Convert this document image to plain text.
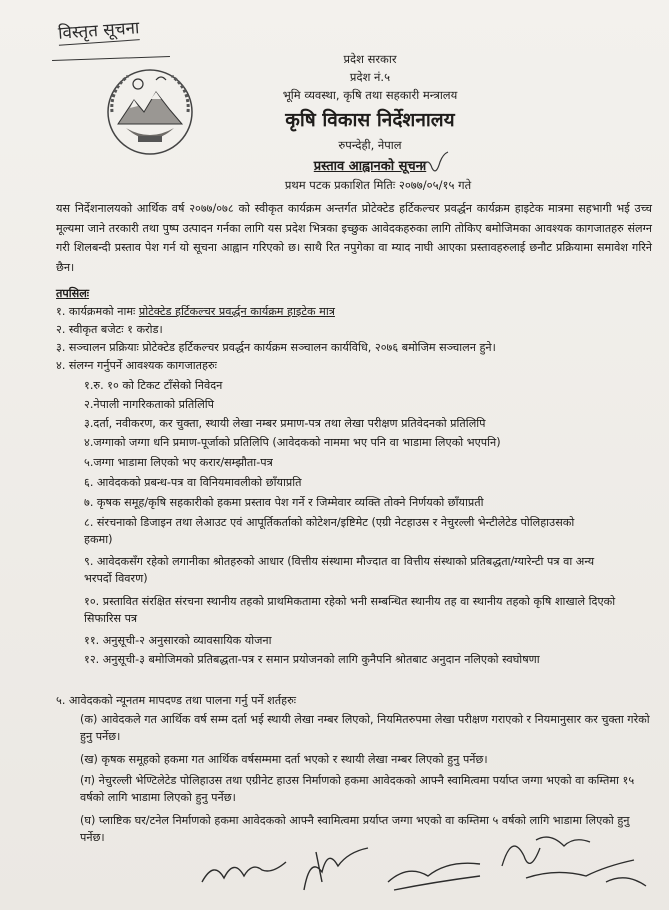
विस्तृत सूचना
प्रदेश सरकार
प्रदेश नं.५
भूमि व्यवस्था, कृषि तथा सहकारी मन्त्रालय
कृषि विकास निर्देशनालय
रुपन्देही, नेपाल
प्रस्ताव आह्वानको सूचना
प्रथम पटक प्रकाशित मितिः २०७७/०५/१५ गते
यस निर्देशनालयको आर्थिक वर्ष २०७७/०७८ को स्वीकृत कार्यक्रम अन्तर्गत प्रोटेक्टेड हर्टिकल्चर प्रवर्द्धन कार्यक्रम हाइटेक मात्रमा सहभागी भई उच्च मूल्यमा जाने तरकारी तथा पुष्प उत्पादन गर्नका लागि यस प्रदेश भित्रका इच्छुक आवेदकहरुका लागि तोकिए बमोजिमका आवश्यक कागजातहरु संलग्न गरी शिलबन्दी प्रस्ताव पेश गर्न यो सूचना आह्वान गरिएको छ। साथै रित नपुगेका वा म्याद नाघी आएका प्रस्तावहरुलाई छनौट प्रक्रियामा समावेश गरिने छैन।
तपसिलः
१. कार्यक्रमको नामः प्रोटेक्टेड हर्टिकल्चर प्रवर्द्धन कार्यक्रम हाइटेक मात्र
२. स्वीकृत बजेटः १ करोड।
३. सञ्चालन प्रक्रियाः प्रोटेक्टेड हर्टिकल्चर प्रवर्द्धन कार्यक्रम सञ्चालन कार्यविधि, २०७६ बमोजिम सञ्चालन हुने।
४. संलग्न गर्नुपर्ने आवश्यक कागजातहरुः
१.रु. १० को टिकट टाँसेको निवेदन
२.नेपाली नागरिकताको प्रतिलिपि
३.दर्ता, नवीकरण, कर चुक्ता, स्थायी लेखा नम्बर प्रमाण-पत्र तथा लेखा परीक्षण प्रतिवेदनको प्रतिलिपि
४.जग्गाको जग्गा धनि प्रमाण-पूर्जाको प्रतिलिपि (आवेदकको नाममा भए पनि वा भाडामा लिएको भएपनि)
५.जग्गा भाडामा लिएको भए करार/सम्झौता-पत्र
६. आवेदकको प्रबन्ध-पत्र वा विनियमावलीको छाँयाप्रति
७. कृषक समूह/कृषि सहकारीको हकमा प्रस्ताव पेश गर्ने र जिम्मेवार व्यक्ति तोक्ने निर्णयको छाँयाप्रती
८. संरचनाको डिजाइन तथा लेआउट एवं आपूर्तिकर्ताको कोटेशन/इष्टिमेट (एग्री नेटहाउस र नेचुरल्ली भेन्टीलेटेड पोलिहाउसको हकमा)
९. आवेदकसँग रहेको लगानीका श्रोतहरुको आधार (वित्तीय संस्थामा मौज्दात वा वित्तीय संस्थाको प्रतिबद्धता/ग्यारेन्टी पत्र वा अन्य भरपर्दो विवरण)
१०. प्रस्तावित संरक्षित संरचना स्थानीय तहको प्राथमिकतामा रहेको भनी सम्बन्धित स्थानीय तह वा स्थानीय तहको कृषि शाखाले दिएको सिफारिस पत्र
११. अनुसूची-२ अनुसारको व्यावसायिक योजना
१२. अनुसूची-३ बमोजिमको प्रतिबद्धता-पत्र र समान प्रयोजनको लागि कुनैपनि श्रोतबाट अनुदान नलिएको स्वघोषणा
५. आवेदकको न्यूनतम मापदण्ड तथा पालना गर्नु पर्ने शर्तहरुः
(क) आवेदकले गत आर्थिक वर्ष सम्म दर्ता भई स्थायी लेखा नम्बर लिएको, नियमितरुपमा लेखा परीक्षण गराएको र नियमानुसार कर चुक्ता गरेको हुनु पर्नेछ।
(ख) कृषक समूहको हकमा गत आर्थिक वर्षसम्ममा दर्ता भएको र स्थायी लेखा नम्बर लिएको हुनु पर्नेछ।
(ग) नेचुरल्ली भेण्टिलेटेड पोलिहाउस तथा एग्रीनेट हाउस निर्माणको हकमा आवेदकको आफ्नै स्वामित्वमा पर्याप्त जग्गा भएको वा कम्तिमा १५ वर्षको लागि भाडामा लिएको हुनु पर्नेछ।
(घ) प्लाष्टिक घर/टनेल निर्माणको हकमा आवेदकको आफ्नै स्वामित्वमा प्रर्याप्त जग्गा भएको वा कम्तिमा ५ वर्षको लागि भाडामा लिएको हुनु पर्नेछ।
